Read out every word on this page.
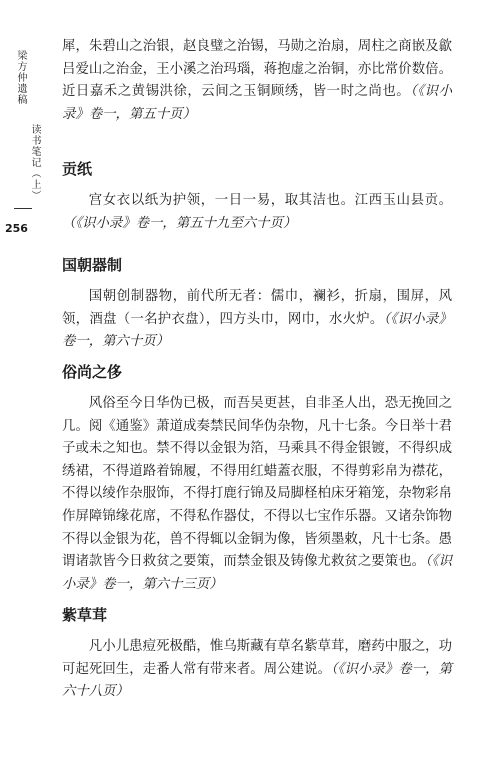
梁方仲遗稿
读书笔记（上）
256

犀，朱碧山之治银，赵良璧之治锡，马勋之治扇，周柱之商嵌及歙吕爱山之治金，王小溪之治玛瑙，蒋抱虚之治铜，亦比常价数倍。近日嘉禾之黄锡洪徐，云间之玉铜顾绣，皆一时之尚也。（《识小录》卷一，第五十页）

贡纸

宫女衣以纸为护领，一日一易，取其洁也。江西玉山县贡。（《识小录》卷一，第五十九至六十页）

国朝器制

国朝创制器物，前代所无者：儒巾，襕衫，折扇，围屏，风领，酒盘（一名护衣盘），四方头巾，网巾，水火炉。（《识小录》卷一，第六十页）

俗尚之侈

风俗至今日华伪已极，而吾吴更甚，自非圣人出，恐无挽回之几。阅《通鉴》萧道成奏禁民间华伪杂物，凡十七条。今日举十君子或未之知也。禁不得以金银为箔，马乘具不得金银镀，不得织成绣裙，不得道路着锦履，不得用红蜡蓋衣服，不得剪彩帛为襟花，不得以绫作杂服饰，不得打鹿行锦及局脚柽柏床牙箱笼，杂物彩帛作屏障锦缘花席，不得私作器仗，不得以七宝作乐器。又诸杂饰物不得以金银为花，兽不得辄以金铜为像，皆须墨敕，凡十七条。愚谓诸款皆今日救贫之要策，而禁金银及铸像尤救贫之要策也。（《识小录》卷一，第六十三页）

紫草茸

凡小儿患痘死极酷，惟乌斯藏有草名紫草茸，磨药中服之，功可起死回生，走番人常有带来者。周公建说。（《识小录》卷一，第六十八页）
